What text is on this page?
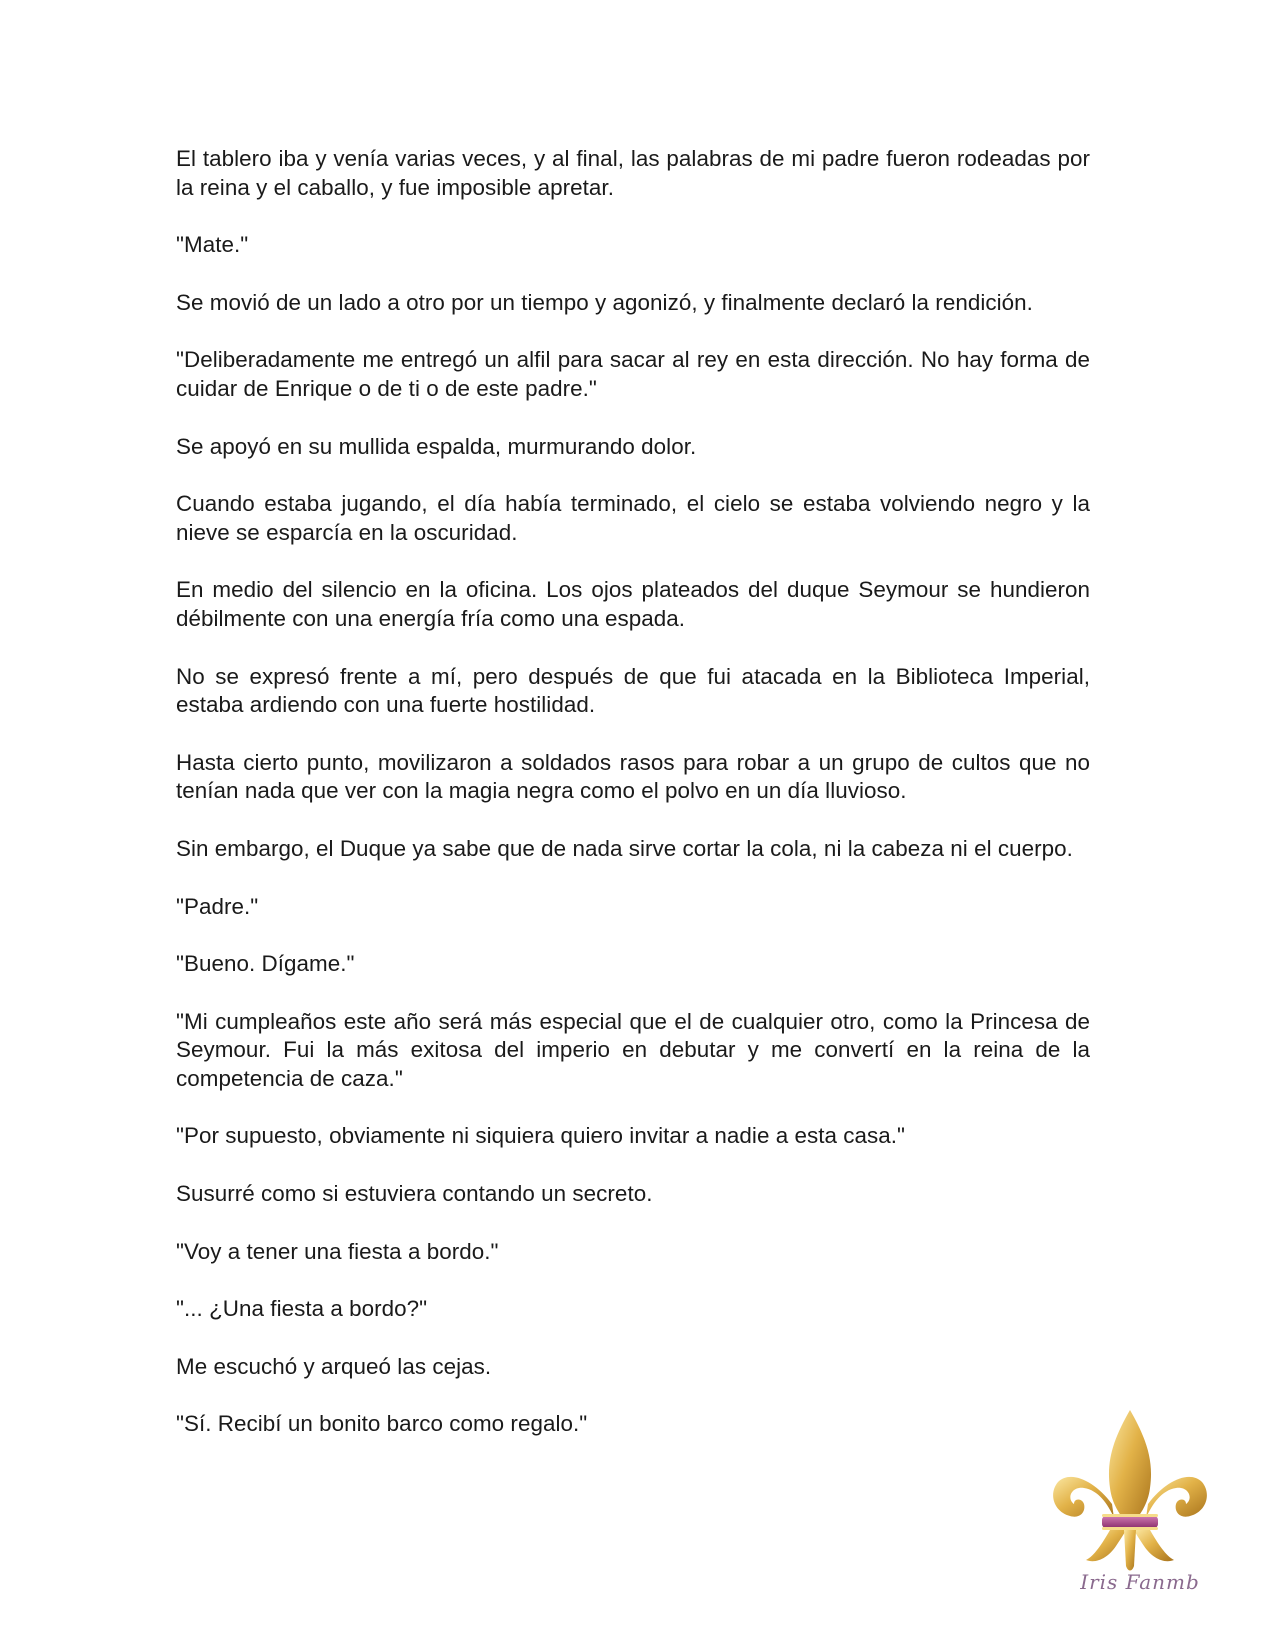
El tablero iba y venía varias veces, y al final, las palabras de mi padre fueron rodeadas por la reina y el caballo, y fue imposible apretar.

"Mate."

Se movió de un lado a otro por un tiempo y agonizó, y finalmente declaró la rendición.

"Deliberadamente me entregó un alfil para sacar al rey en esta dirección. No hay forma de cuidar de Enrique o de ti o de este padre."

Se apoyó en su mullida espalda, murmurando dolor.

Cuando estaba jugando, el día había terminado, el cielo se estaba volviendo negro y la nieve se esparcía en la oscuridad.

En medio del silencio en la oficina. Los ojos plateados del duque Seymour se hundieron débilmente con una energía fría como una espada.

No se expresó frente a mí, pero después de que fui atacada en la Biblioteca Imperial, estaba ardiendo con una fuerte hostilidad.

Hasta cierto punto, movilizaron a soldados rasos para robar a un grupo de cultos que no tenían nada que ver con la magia negra como el polvo en un día lluvioso.

Sin embargo, el Duque ya sabe que de nada sirve cortar la cola, ni la cabeza ni el cuerpo.

"Padre."

"Bueno. Dígame."

"Mi cumpleaños este año será más especial que el de cualquier otro, como la Princesa de Seymour. Fui la más exitosa del imperio en debutar y me convertí en la reina de la competencia de caza."

"Por supuesto, obviamente ni siquiera quiero invitar a nadie a esta casa."

Susurré como si estuviera contando un secreto.

"Voy a tener una fiesta a bordo."

"... ¿Una fiesta a bordo?"

Me escuchó y arqueó las cejas.

"Sí. Recibí un bonito barco como regalo."

Iris Fanmb
